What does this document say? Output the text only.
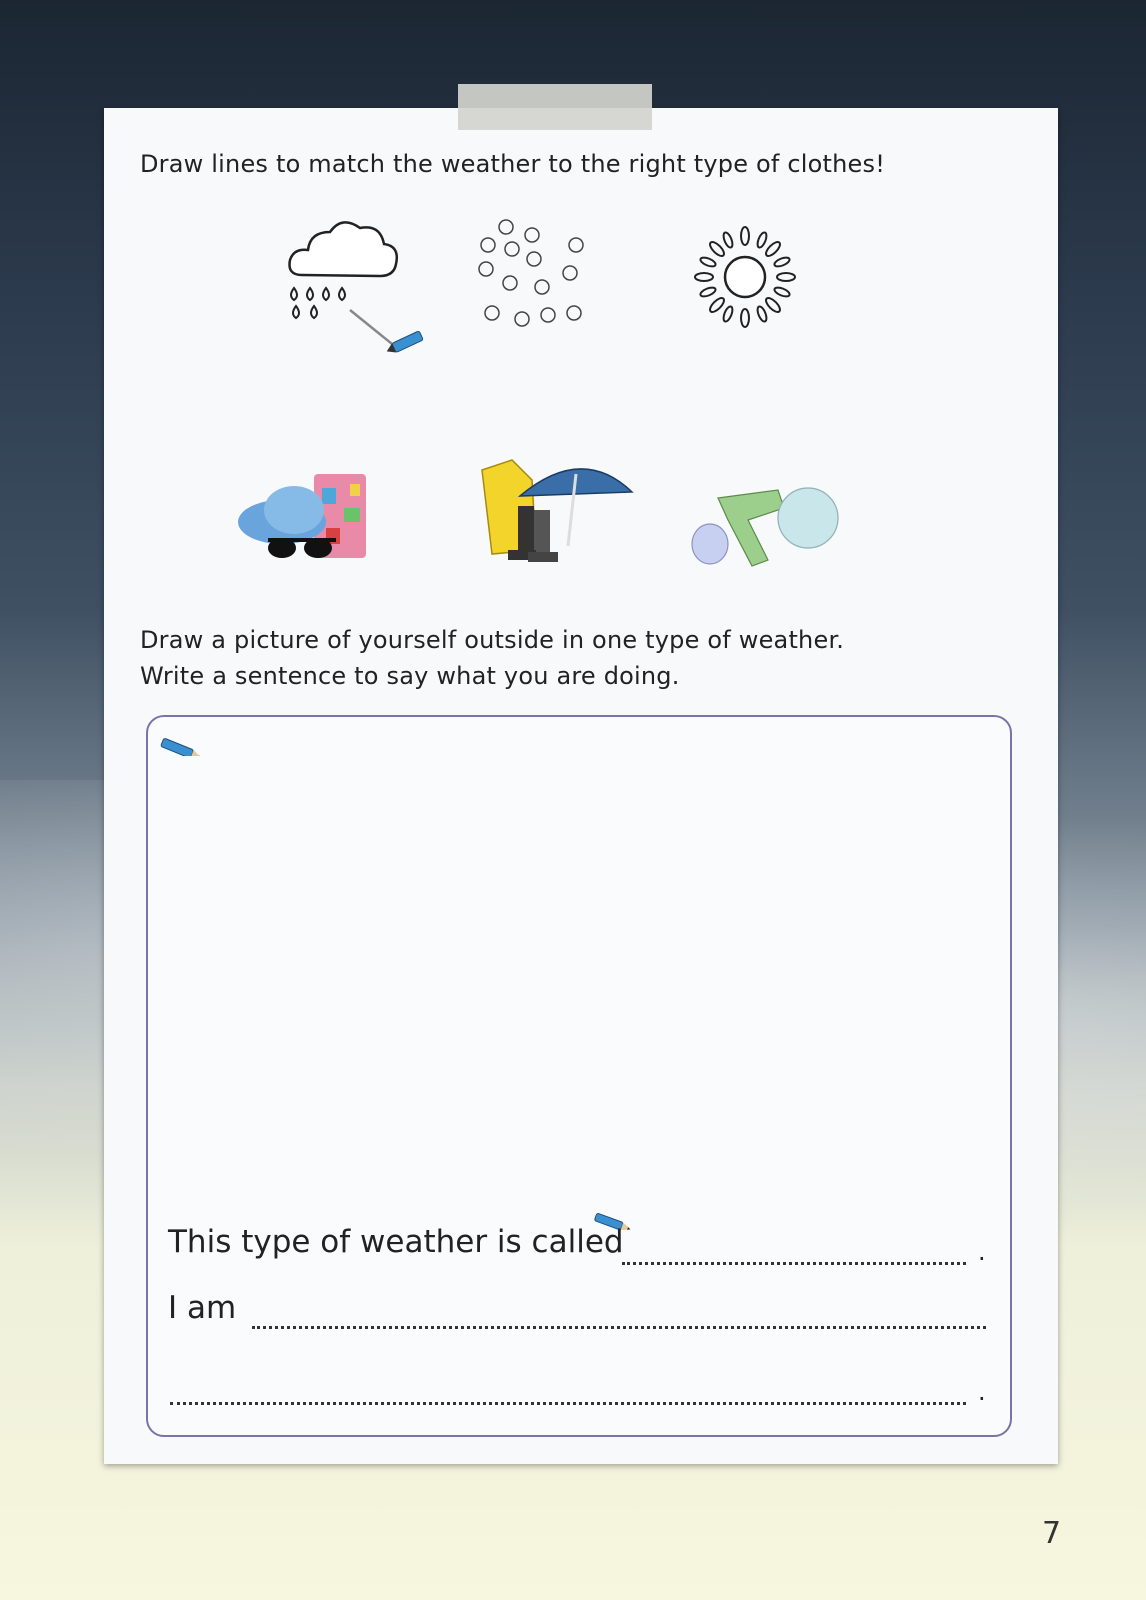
Draw lines to match the weather to the right type of clothes!
Draw a picture of yourself outside in one type of weather.
Write a sentence to say what you are doing.
This type of weather is called	.
I am
.
7
